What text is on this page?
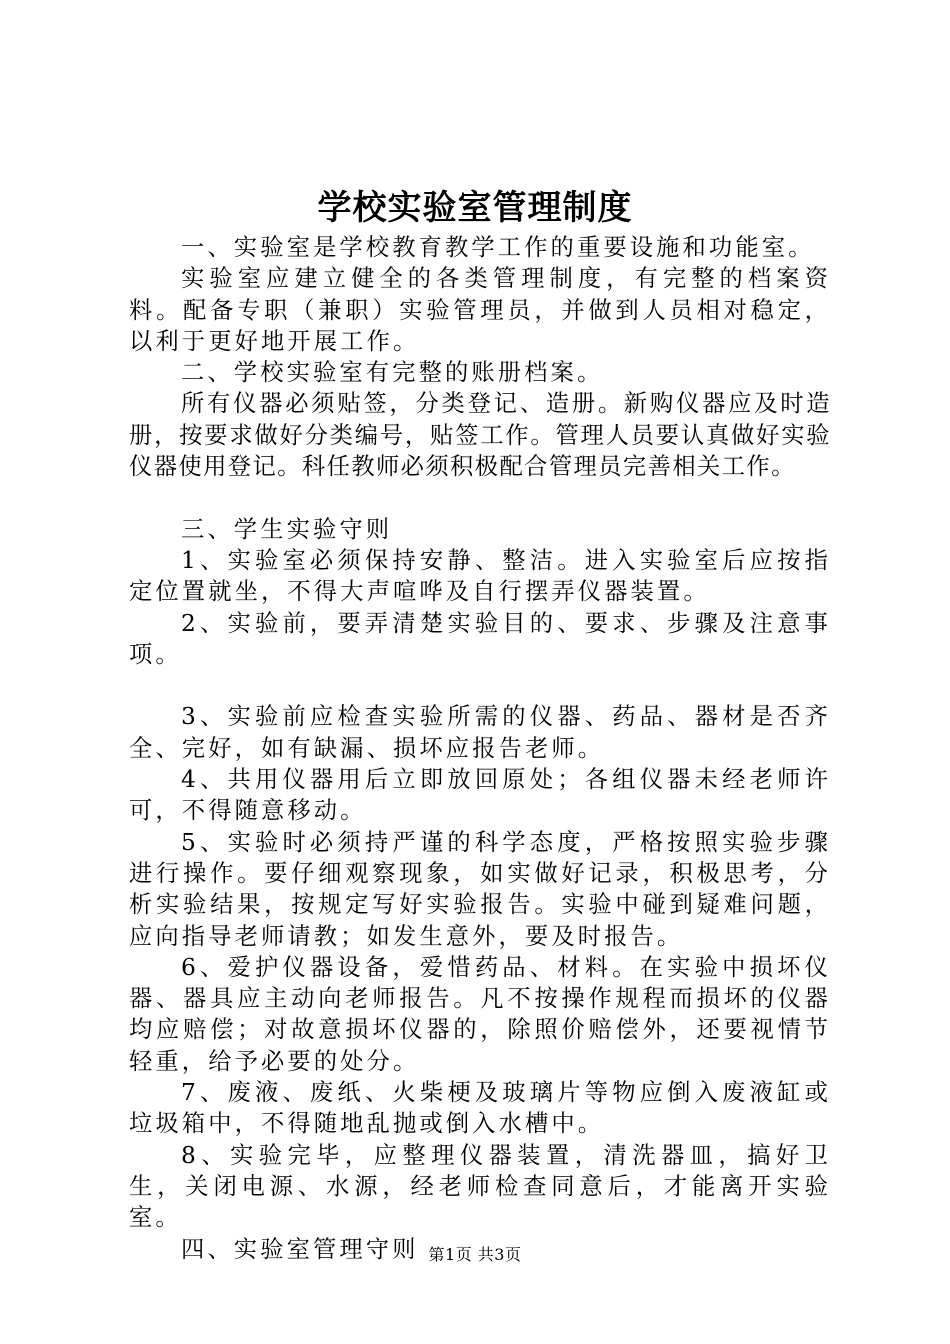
学校实验室管理制度

一、实验室是学校教育教学工作的重要设施和功能室。

实验室应建立健全的各类管理制度，有完整的档案资料。配备专职（兼职）实验管理员，并做到人员相对稳定，以利于更好地开展工作。

二、学校实验室有完整的账册档案。

所有仪器必须贴签，分类登记、造册。新购仪器应及时造册，按要求做好分类编号，贴签工作。管理人员要认真做好实验仪器使用登记。科任教师必须积极配合管理员完善相关工作。

三、学生实验守则

1、实验室必须保持安静、整洁。进入实验室后应按指定位置就坐，不得大声喧哗及自行摆弄仪器装置。

2、实验前，要弄清楚实验目的、要求、步骤及注意事项。

3、实验前应检查实验所需的仪器、药品、器材是否齐全、完好，如有缺漏、损坏应报告老师。

4、共用仪器用后立即放回原处；各组仪器未经老师许可，不得随意移动。

5、实验时必须持严谨的科学态度，严格按照实验步骤进行操作。要仔细观察现象，如实做好记录，积极思考，分析实验结果，按规定写好实验报告。实验中碰到疑难问题，应向指导老师请教；如发生意外，要及时报告。

6、爱护仪器设备，爱惜药品、材料。在实验中损坏仪器、器具应主动向老师报告。凡不按操作规程而损坏的仪器均应赔偿；对故意损坏仪器的，除照价赔偿外，还要视情节轻重，给予必要的处分。

7、废液、废纸、火柴梗及玻璃片等物应倒入废液缸或垃圾箱中，不得随地乱抛或倒入水槽中。

8、实验完毕，应整理仪器装置，清洗器皿，搞好卫生，关闭电源、水源，经老师检查同意后，才能离开实验室。

四、实验室管理守则 第1页 共3页
